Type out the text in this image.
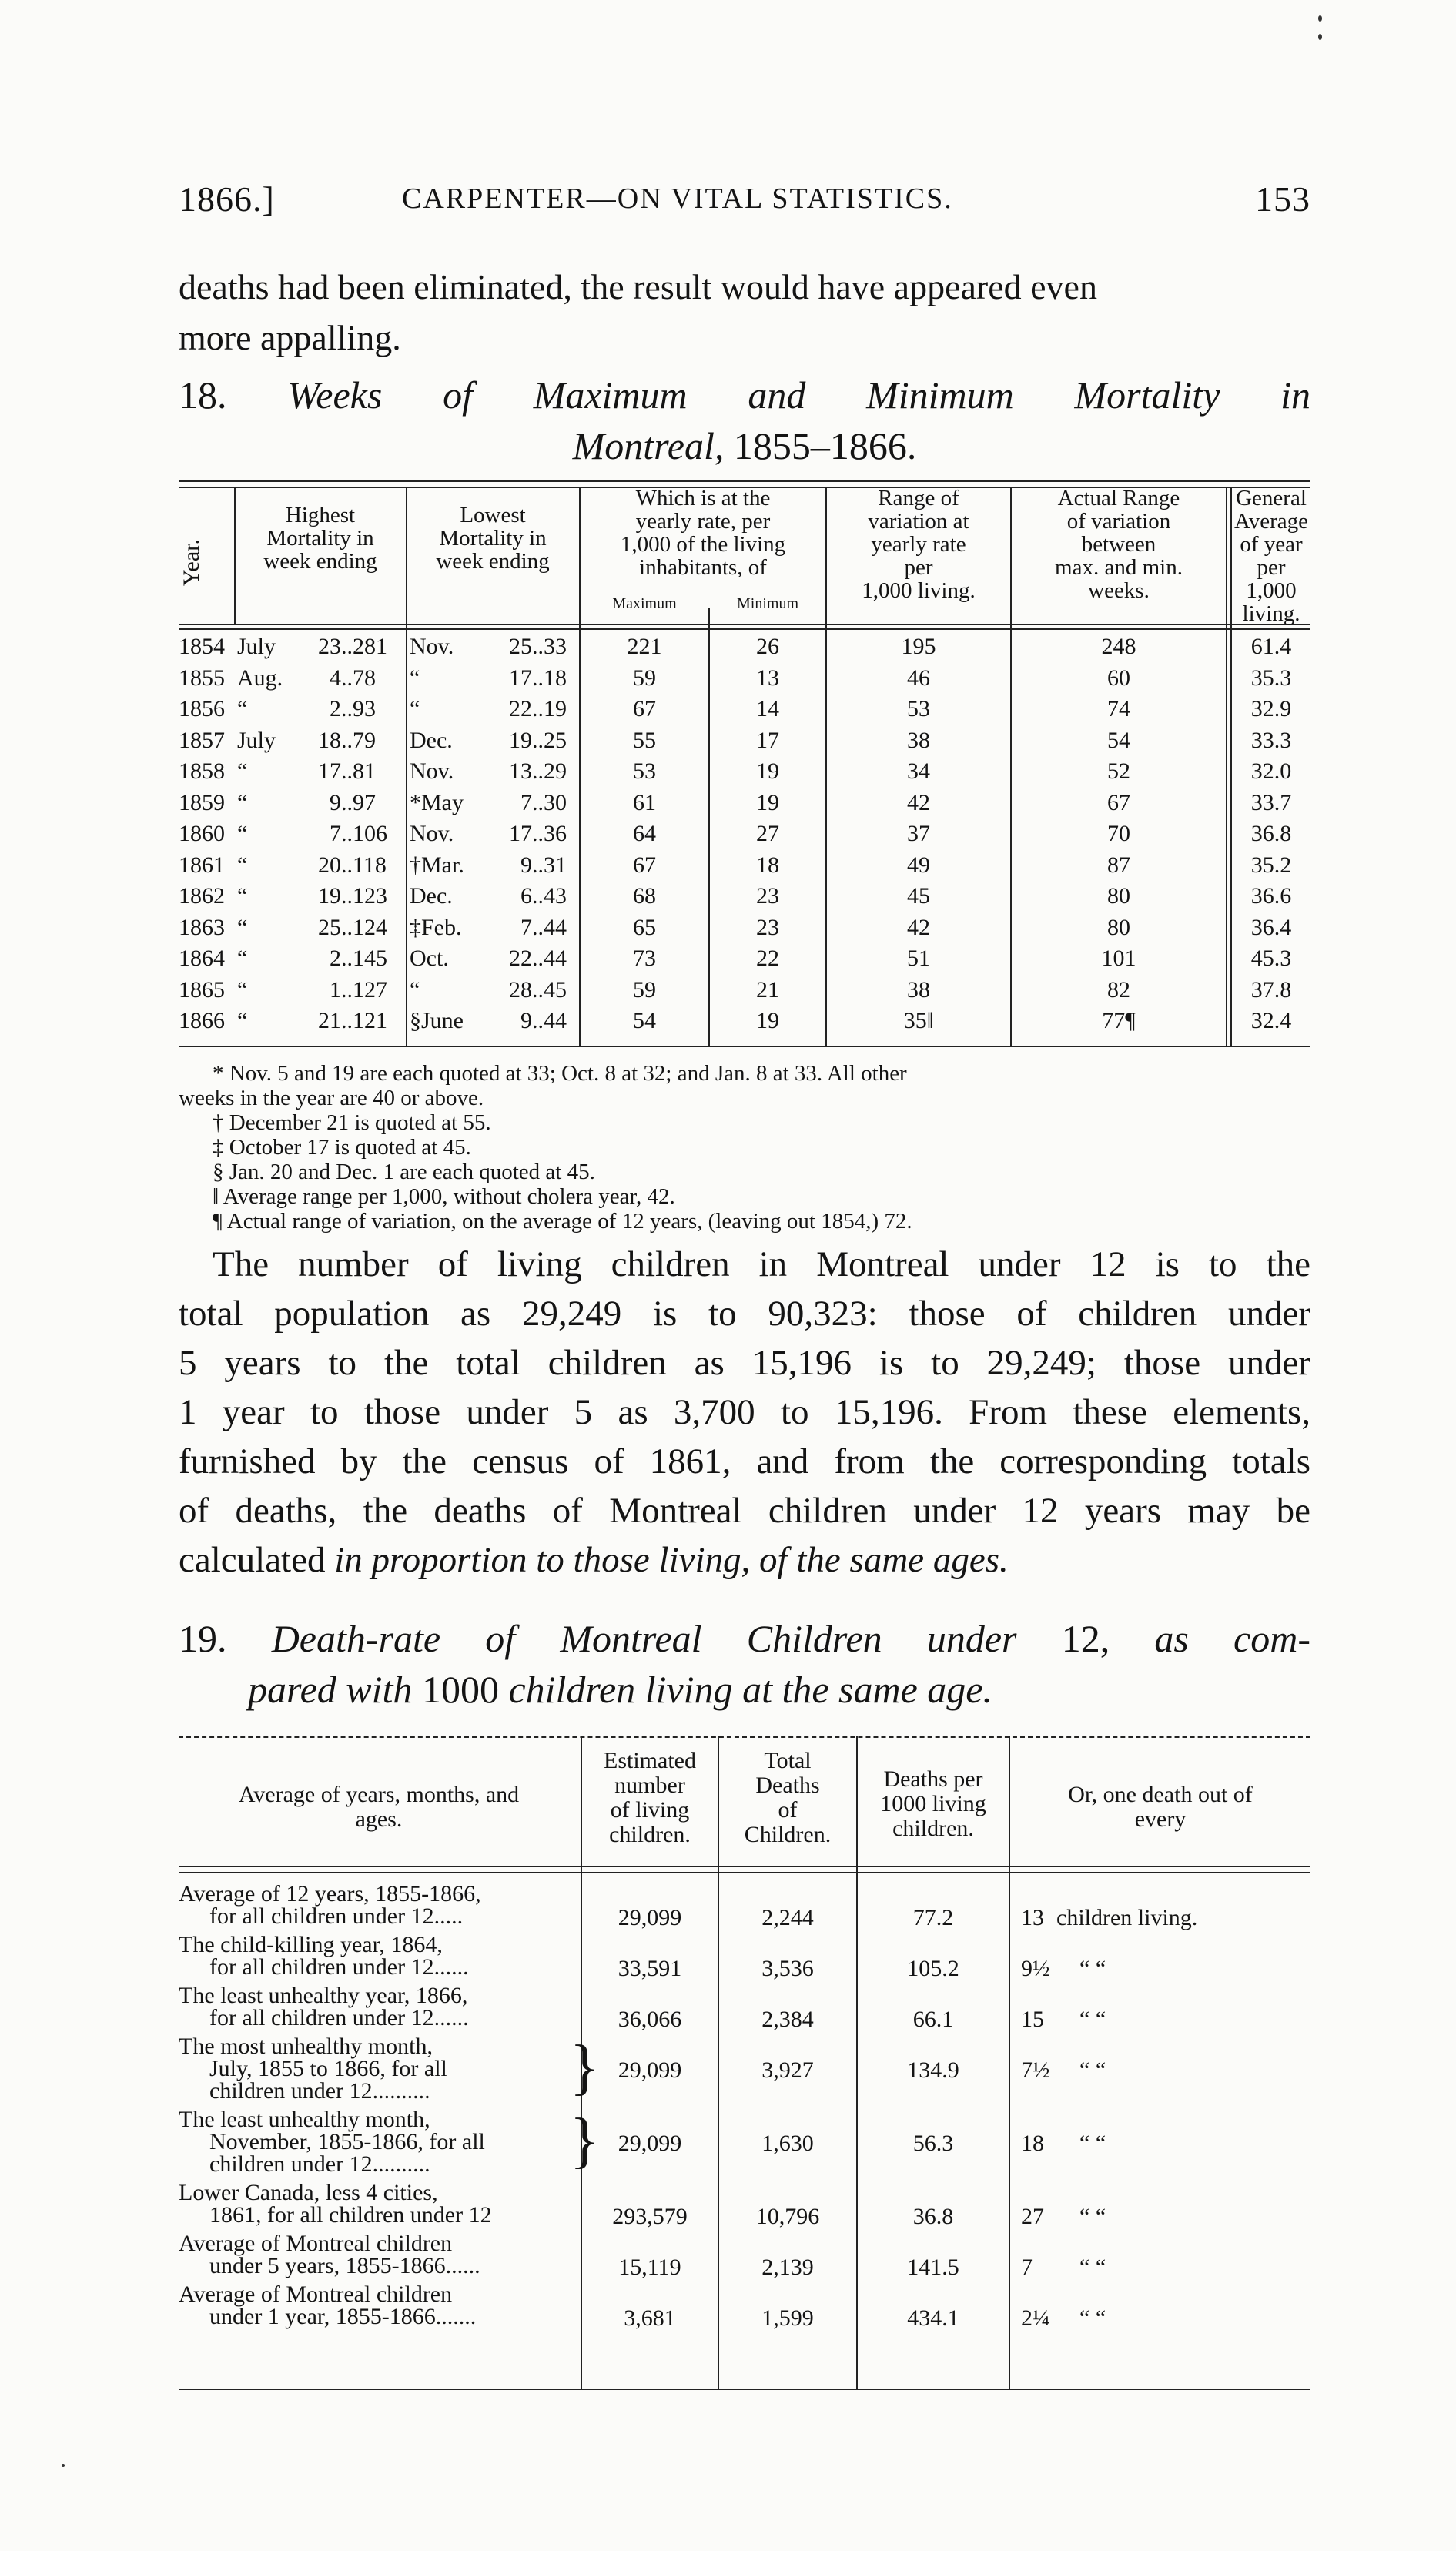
1866.]	CARPENTER—ON VITAL STATISTICS.	153
deaths had been eliminated, the result would have appeared even
more appalling.
18. Weeks of Maximum and Minimum Mortality in
Montreal, 1855–1866.
Year.
Highest
Mortality in
week ending
Lowest
Mortality in
week ending
Which is at the
yearly rate, per
1,000 of the living
inhabitants, of
Maximum	Minimum
Range of
variation at
yearly rate
per
1,000 living.
Actual Range
of variation
between
max. and min.
weeks.
General
Average
of year
per 1,000
living.
1854 July	23.. 281 Nov.	25.. 33	221	26	195	248	61.4
1855 Aug.	4.. 78	“	17.. 18	59	13	46	60	35.3
1856 “	2.. 93	“	22.. 19	67	14	53	74	32.9
1857 July	18.. 79	Dec.	19.. 25	55	17	38	54	33.3
1858 “	17.. 81	Nov.	13.. 29	53	19	34	52	32.0
1859 “	9.. 97	*May	7.. 30	61	19	42	67	33.7
1860 “	7.. 106 Nov.	17.. 36	64	27	37	70	36.8
1861 “	20.. 118	†Mar.	9.. 31	67	18	49	87	35.2
1862 “	19.. 123 Dec.	6.. 43	68	23	45	80	36.6
1863 “	25.. 124 ‡Feb.	7.. 44	65	23	42	80	36.4
1864 “	2.. 145 Oct.	22.. 44	73	22	51	101	45.3
1865 “	1.. 127 “	28.. 45	59	21	38	82	37.8
1866 “	21.. 121 §June	9.. 44	54	19	35‖	77¶	32.4
* Nov. 5 and 19 are each quoted at 33; Oct. 8 at 32; and Jan. 8 at 33. All other
weeks in the year are 40 or above.
† December 21 is quoted at 55.
‡ October 17 is quoted at 45.
§ Jan. 20 and Dec. 1 are each quoted at 45.
‖ Average range per 1,000, without cholera year, 42.
¶ Actual range of variation, on the average of 12 years, (leaving out 1854,) 72.
The number of living children in Montreal under 12 is to the
total population as 29,249 is to 90,323: those of children under
5 years to the total children as 15,196 is to 29,249; those under
1 year to those under 5 as 3,700 to 15,196. From these elements,
furnished by the census of 1861, and from the corresponding totals
of deaths, the deaths of Montreal children under 12 years may be
calculated in proportion to those living, of the same ages.
19. Death-rate of Montreal Children under 12, as com-
pared with 1000 children living at the same age.
Average of years, months, and
ages.
Estimated
number
of living
children.
Total
Deaths
of
Children.
Deaths per
1000 living
children.
Or, one death out of
every
Average of 12 years, 1855-1866,
for all children under 12.....	29,099	2,244	77.2	13 children living.
The child-killing year, 1864,
for all children under 12......	33,591	3,536	105.2	9½	“ “
The least unhealthy year, 1866,
for all children under 12......	36,066	2,384	66.1	15	“ “
The most unhealthy month,
July, 1855 to 1866, for all
children under 12..........	} 29,099	3,927	134.9	7½	“ “
The least unhealthy month,
November, 1855-1866, for all
children under 12..........	} 29,099	1,630	56.3	18	“ “
Lower Canada, less 4 cities,
1861, for all children under 12	293,579	10,796	36.8	27	“ “
Average of Montreal children
under 5 years, 1855-1866......	15,119	2,139	141.5	7	“ “
Average of Montreal children
under 1 year, 1855-1866.......	3,681	1,599	434.1	2¼	“ “
